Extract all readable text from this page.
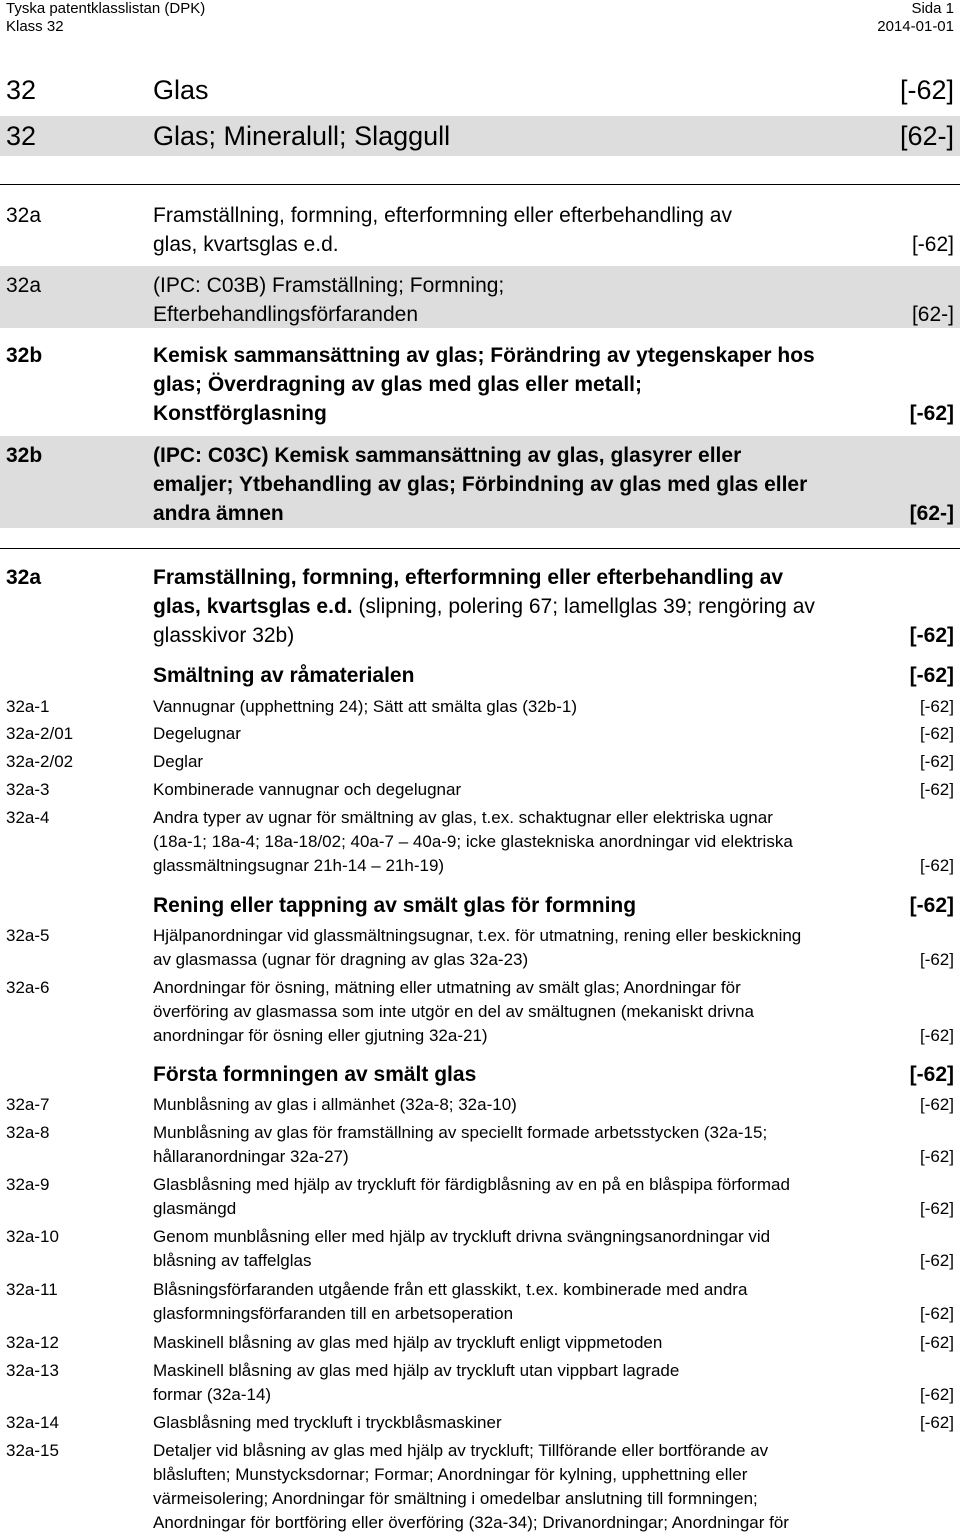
Tyska patentklasslistan (DPK)	Sida 1
Klass 32	2014-01-01
32	Glas	[-62]
32	Glas; Mineralull; Slaggull	[62-]
32a	Framställning, formning, efterformning eller efterbehandling av
glas, kvartsglas e.d.	[-62]
32a	(IPC: C03B) Framställning; Formning;
Efterbehandlingsförfaranden	[62-]
32b	Kemisk sammansättning av glas; Förändring av ytegenskaper hos
glas; Överdragning av glas med glas eller metall;
Konstförglasning	[-62]
32b	(IPC: C03C) Kemisk sammansättning av glas, glasyrer eller
emaljer; Ytbehandling av glas; Förbindning av glas med glas eller
andra ämnen	[62-]
32a	Framställning, formning, efterformning eller efterbehandling av
glas, kvartsglas e.d. (slipning, polering 67; lamellglas 39; rengöring av
glasskivor 32b)	[-62]
Smältning av råmaterialen	[-62]
32a-1	Vannugnar (upphettning 24); Sätt att smälta glas (32b-1)	[-62]
32a-2/01	Degelugnar	[-62]
32a-2/02	Deglar	[-62]
32a-3	Kombinerade vannugnar och degelugnar	[-62]
32a-4	Andra typer av ugnar för smältning av glas, t.ex. schaktugnar eller elektriska ugnar
(18a-1; 18a-4; 18a-18/02; 40a-7 – 40a-9; icke glastekniska anordningar vid elektriska
glassmältningsugnar 21h-14 – 21h-19)	[-62]
Rening eller tappning av smält glas för formning	[-62]
32a-5	Hjälpanordningar vid glassmältningsugnar, t.ex. för utmatning, rening eller beskickning
av glasmassa (ugnar för dragning av glas 32a-23)	[-62]
32a-6	Anordningar för ösning, mätning eller utmatning av smält glas; Anordningar för
överföring av glasmassa som inte utgör en del av smältugnen (mekaniskt drivna
anordningar för ösning eller gjutning 32a-21)	[-62]
Första formningen av smält glas	[-62]
32a-7	Munblåsning av glas i allmänhet (32a-8; 32a-10)	[-62]
32a-8	Munblåsning av glas för framställning av speciellt formade arbetsstycken (32a-15;
hållaranordningar 32a-27)	[-62]
32a-9	Glasblåsning med hjälp av tryckluft för färdigblåsning av en på en blåspipa förformad
glasmängd	[-62]
32a-10	Genom munblåsning eller med hjälp av tryckluft drivna svängningsanordningar vid
blåsning av taffelglas	[-62]
32a-11	Blåsningsförfaranden utgående från ett glasskikt, t.ex. kombinerade med andra
glasformningsförfaranden till en arbetsoperation	[-62]
32a-12	Maskinell blåsning av glas med hjälp av tryckluft enligt vippmetoden	[-62]
32a-13	Maskinell blåsning av glas med hjälp av tryckluft utan vippbart lagrade
formar (32a-14)	[-62]
32a-14	Glasblåsning med tryckluft i tryckblåsmaskiner	[-62]
32a-15	Detaljer vid blåsning av glas med hjälp av tryckluft; Tillförande eller bortförande av
blåsluften; Munstycksdornar; Formar; Anordningar för kylning, upphettning eller
värmeisolering; Anordningar för smältning i omedelbar anslutning till formningen;
Anordningar för bortföring eller överföring (32a-34); Drivanordningar; Anordningar för
